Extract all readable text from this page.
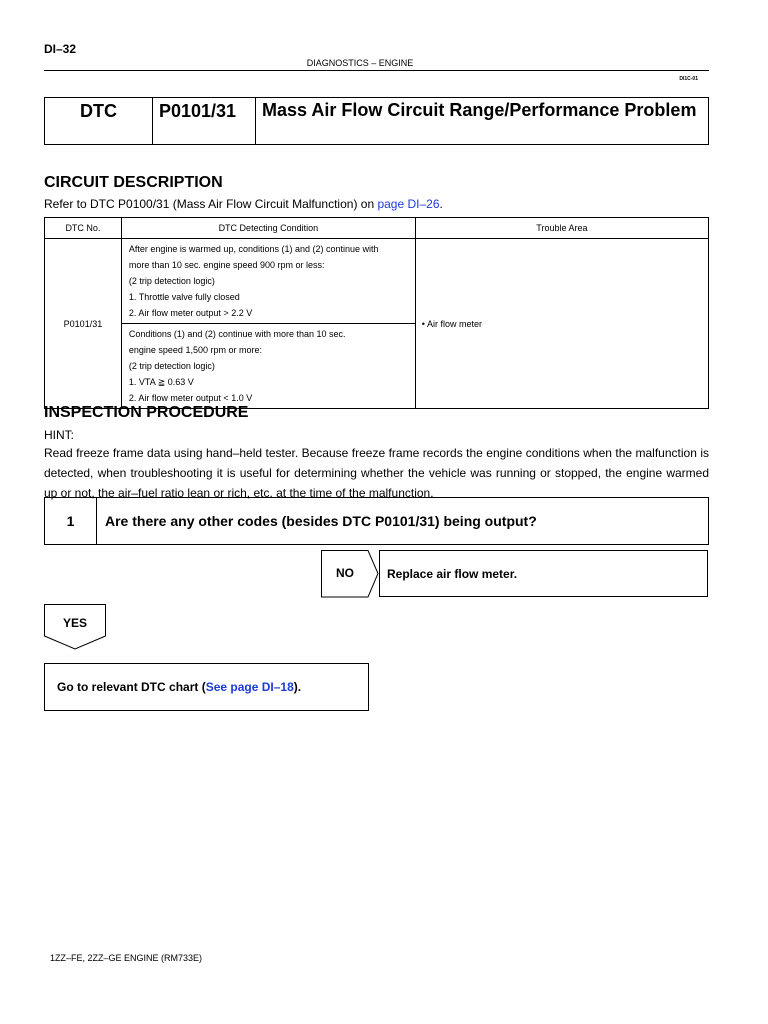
DI–32
DIAGNOSTICS – ENGINE
DI1C-01
DTC	P0101/31	Mass Air Flow Circuit Range/Performance Problem
CIRCUIT DESCRIPTION
Refer to DTC P0100/31 (Mass Air Flow Circuit Malfunction) on page DI–26.
DTC No.	DTC Detecting Condition	Trouble Area
P0101/31	After engine is warmed up, conditions (1) and (2) continue with
more than 10 sec. engine speed 900 rpm or less:
(2 trip detection logic)
1. Throttle valve fully closed
2. Air flow meter output > 2.2 V	• Air flow meter

	Conditions (1) and (2) continue with more than 10 sec.
engine speed 1,500 rpm or more:
(2 trip detection logic)
1. VTA ≧ 0.63 V
2. Air flow meter output < 1.0 V	
INSPECTION PROCEDURE
HINT:
Read freeze frame data using hand–held tester. Because freeze frame records the engine conditions when the malfunction is detected, when troubleshooting it is useful for determining whether the vehicle was running or stopped, the engine warmed up or not, the air–fuel ratio lean or rich, etc. at the time of the malfunction.
1	Are there any other codes (besides DTC P0101/31) being output?
NO	Replace air flow meter.
YES
Go to relevant DTC chart ( See page DI–18 ).
1ZZ–FE, 2ZZ–GE ENGINE (RM733E)
